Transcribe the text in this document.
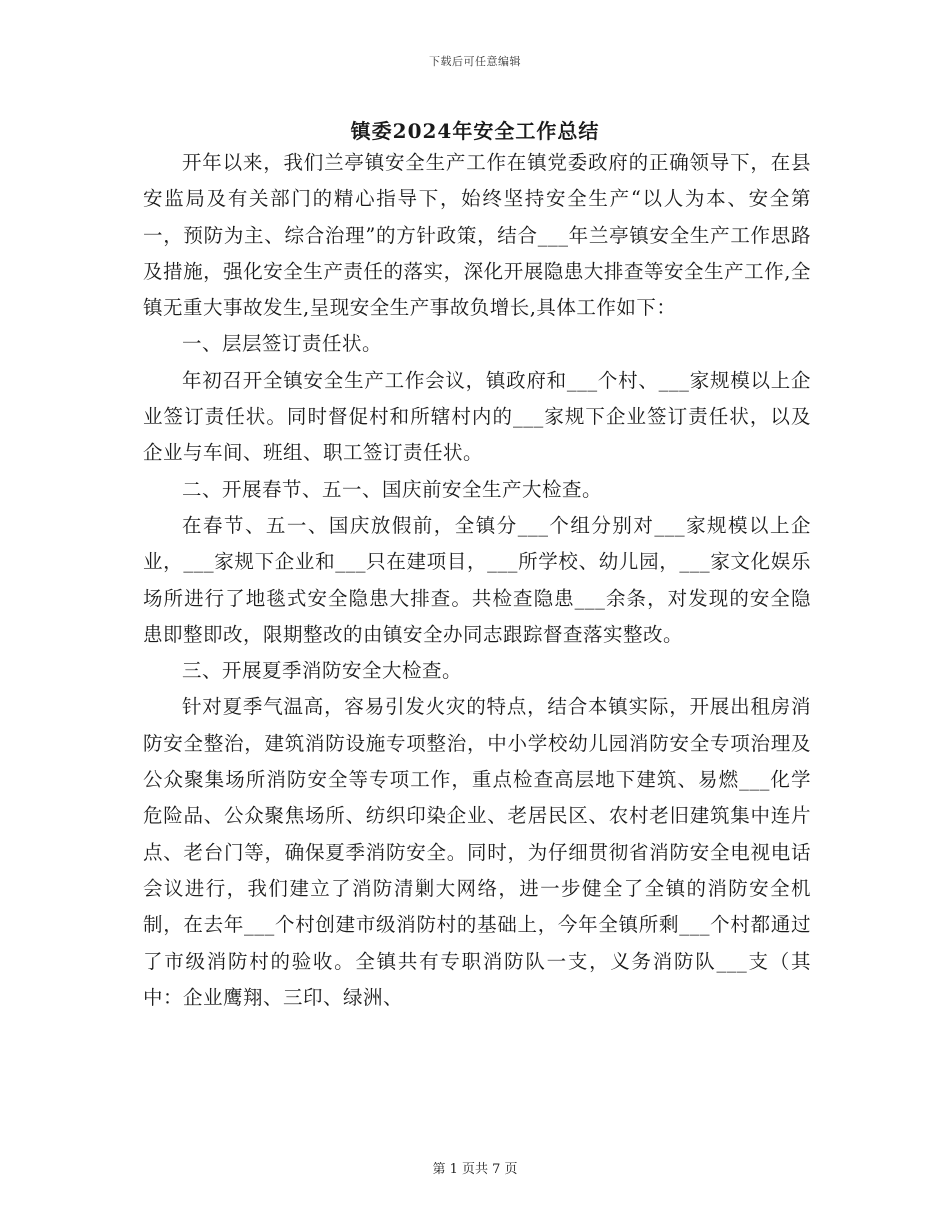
下载后可任意编辑
镇委2024年安全工作总结

开年以来，我们兰亭镇安全生产工作在镇党委政府的正确领导下，在县安监局及有关部门的精心指导下，始终坚持安全生产“以人为本、安全第一，预防为主、综合治理”的方针政策，结合___年兰亭镇安全生产工作思路及措施，强化安全生产责任的落实，深化开展隐患大排查等安全生产工作,全镇无重大事故发生,呈现安全生产事故负增长,具体工作如下：

一、层层签订责任状。

年初召开全镇安全生产工作会议，镇政府和___个村、___家规模以上企业签订责任状。同时督促村和所辖村内的___家规下企业签订责任状，以及企业与车间、班组、职工签订责任状。

二、开展春节、五一、国庆前安全生产大检查。

在春节、五一、国庆放假前，全镇分___个组分别对___家规模以上企业，___家规下企业和___只在建项目，___所学校、幼儿园，___家文化娱乐场所进行了地毯式安全隐患大排查。共检查隐患___余条，对发现的安全隐患即整即改，限期整改的由镇安全办同志跟踪督查落实整改。

三、开展夏季消防安全大检查。

针对夏季气温高，容易引发火灾的特点，结合本镇实际，开展出租房消防安全整治，建筑消防设施专项整治，中小学校幼儿园消防安全专项治理及公众聚集场所消防安全等专项工作，重点检查高层地下建筑、易燃___化学危险品、公众聚焦场所、纺织印染企业、老居民区、农村老旧建筑集中连片点、老台门等，确保夏季消防安全。同时，为仔细贯彻省消防安全电视电话会议进行，我们建立了消防清剿大网络，进一步健全了全镇的消防安全机制，在去年___个村创建市级消防村的基础上，今年全镇所剩___个村都通过了市级消防村的验收。全镇共有专职消防队一支，义务消防队___支（其中：企业鹰翔、三印、绿洲、

第 1 页共 7 页
